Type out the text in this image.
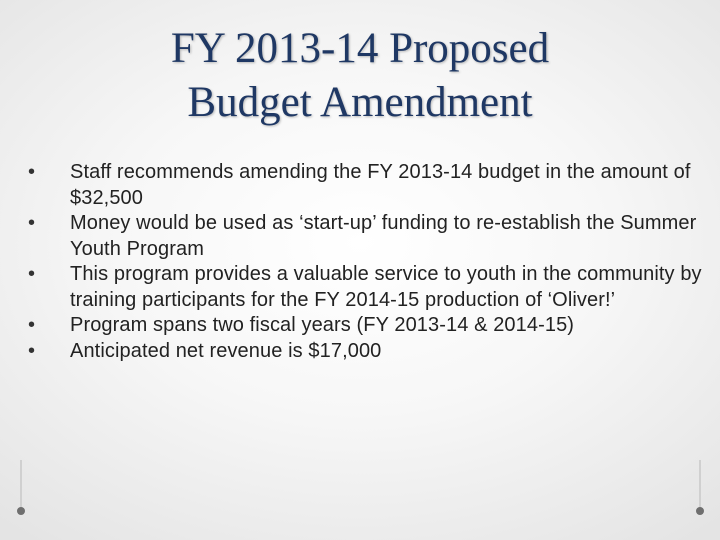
FY 2013-14 Proposed
Budget Amendment
•	Staff recommends amending the FY 2013-14 budget in the amount of $32,500
•	Money would be used as ‘start-up’ funding to re-establish the Summer Youth Program
•	This program provides a valuable service to youth in the community by training participants for the FY 2014-15 production of ‘Oliver!’
•	Program spans two fiscal years (FY 2013-14 & 2014-15)
•	Anticipated net revenue is $17,000
